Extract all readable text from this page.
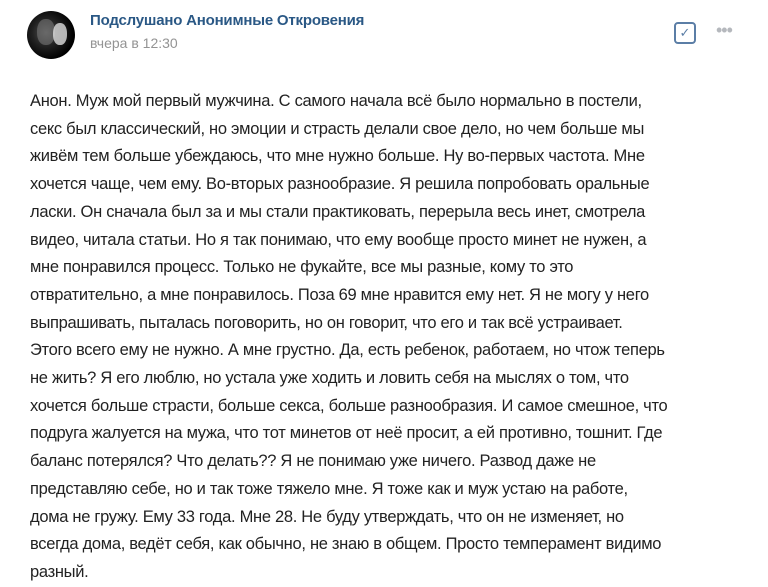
Подслушано Анонимные Откровения
вчера в 12:30
✓	•••
Анон. Муж мой первый мужчина. С самого начала всё было нормально в постели,
секс был классический, но эмоции и страсть делали свое дело, но чем больше мы
живём тем больше убеждаюсь, что мне нужно больше. Ну во-первых частота. Мне
хочется чаще, чем ему. Во-вторых разнообразие. Я решила попробовать оральные
ласки. Он сначала был за и мы стали практиковать, перерыла весь инет, смотрела
видео, читала статьи. Но я так понимаю, что ему вообще просто минет не нужен, а
мне понравился процесс. Только не фукайте, все мы разные, кому то это
отвратительно, а мне понравилось. Поза 69 мне нравится ему нет. Я не могу у него
выпрашивать, пыталась поговорить, но он говорит, что его и так всё устраивает.
Этого всего ему не нужно. А мне грустно. Да, есть ребенок, работаем, но чтож теперь
не жить? Я его люблю, но устала уже ходить и ловить себя на мыслях о том, что
хочется больше страсти, больше секса, больше разнообразия. И самое смешное, что
подруга жалуется на мужа, что тот минетов от неё просит, а ей противно, тошнит. Где
баланс потерялся? Что делать?? Я не понимаю уже ничего. Развод даже не
представляю себе, но и так тоже тяжело мне. Я тоже как и муж устаю на работе,
дома не гружу. Ему 33 года. Мне 28. Не буду утверждать, что он не изменяет, но
всегда дома, ведёт себя, как обычно, не знаю в общем. Просто темперамент видимо
разный.
